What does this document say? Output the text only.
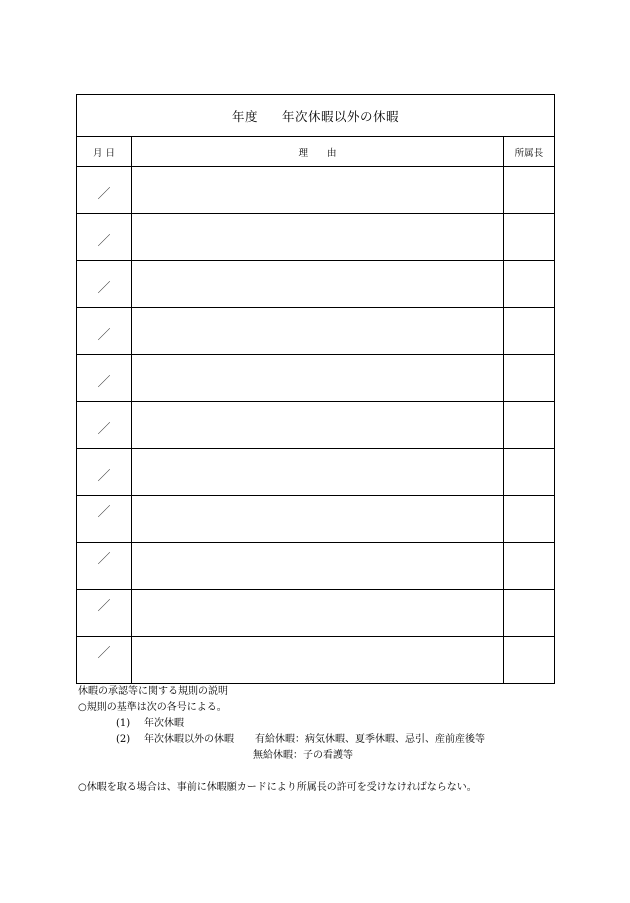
年度 年次休暇以外の休暇		
月 日	理　　由	所属長

／		

／		

／		

／		

／		

／		

／		

／		

／		

／		

／		

休暇の承認等に関する規則の説明
○規則の基準は次の各号による。
(1) 年次休暇
(2) 年次休暇以外の休暇 有給休暇：病気休暇、夏季休暇、忌引、産前産後等
無給休暇：子の看護等
○休暇を取る場合は、事前に休暇願カードにより所属長の許可を受けなければならない。
